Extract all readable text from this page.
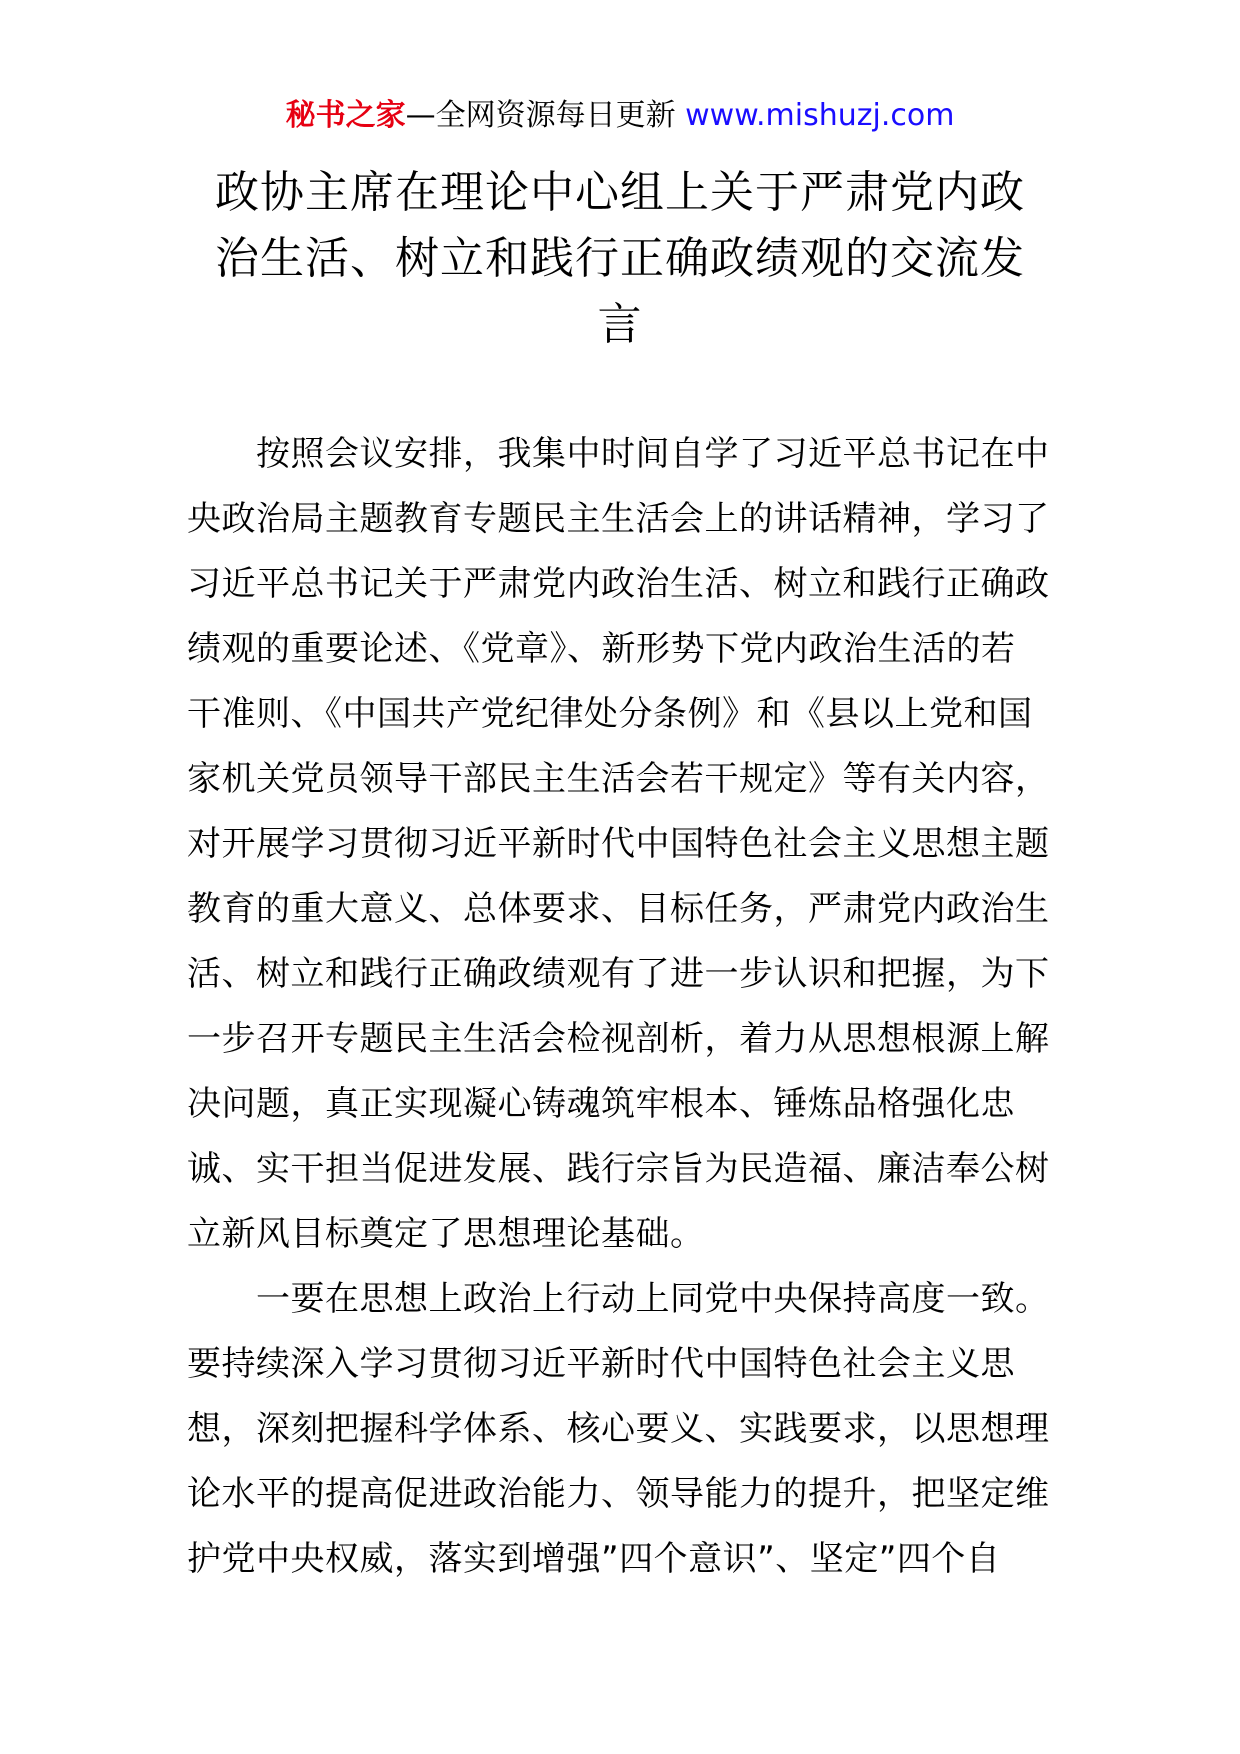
秘书之家—全网资源每日更新 www.mishuzj.com
政协主席在理论中心组上关于严肃党内政
治生活、树立和践行正确政绩观的交流发
言
　　按照会议安排，我集中时间自学了习近平总书记在中
央政治局主题教育专题民主生活会上的讲话精神，学习了
习近平总书记关于严肃党内政治生活、树立和践行正确政
绩观的重要论述、《党章》、新形势下党内政治生活的若
干准则、《中国共产党纪律处分条例》和《县以上党和国
家机关党员领导干部民主生活会若干规定》等有关内容，
对开展学习贯彻习近平新时代中国特色社会主义思想主题
教育的重大意义、总体要求、目标任务，严肃党内政治生
活、树立和践行正确政绩观有了进一步认识和把握，为下
一步召开专题民主生活会检视剖析，着力从思想根源上解
决问题，真正实现凝心铸魂筑牢根本、锤炼品格强化忠
诚、实干担当促进发展、践行宗旨为民造福、廉洁奉公树
立新风目标奠定了思想理论基础。
　　一要在思想上政治上行动上同党中央保持高度一致。
要持续深入学习贯彻习近平新时代中国特色社会主义思
想，深刻把握科学体系、核心要义、实践要求，以思想理
论水平的提高促进政治能力、领导能力的提升，把坚定维
护党中央权威，落实到增强”四个意识”、坚定”四个自
